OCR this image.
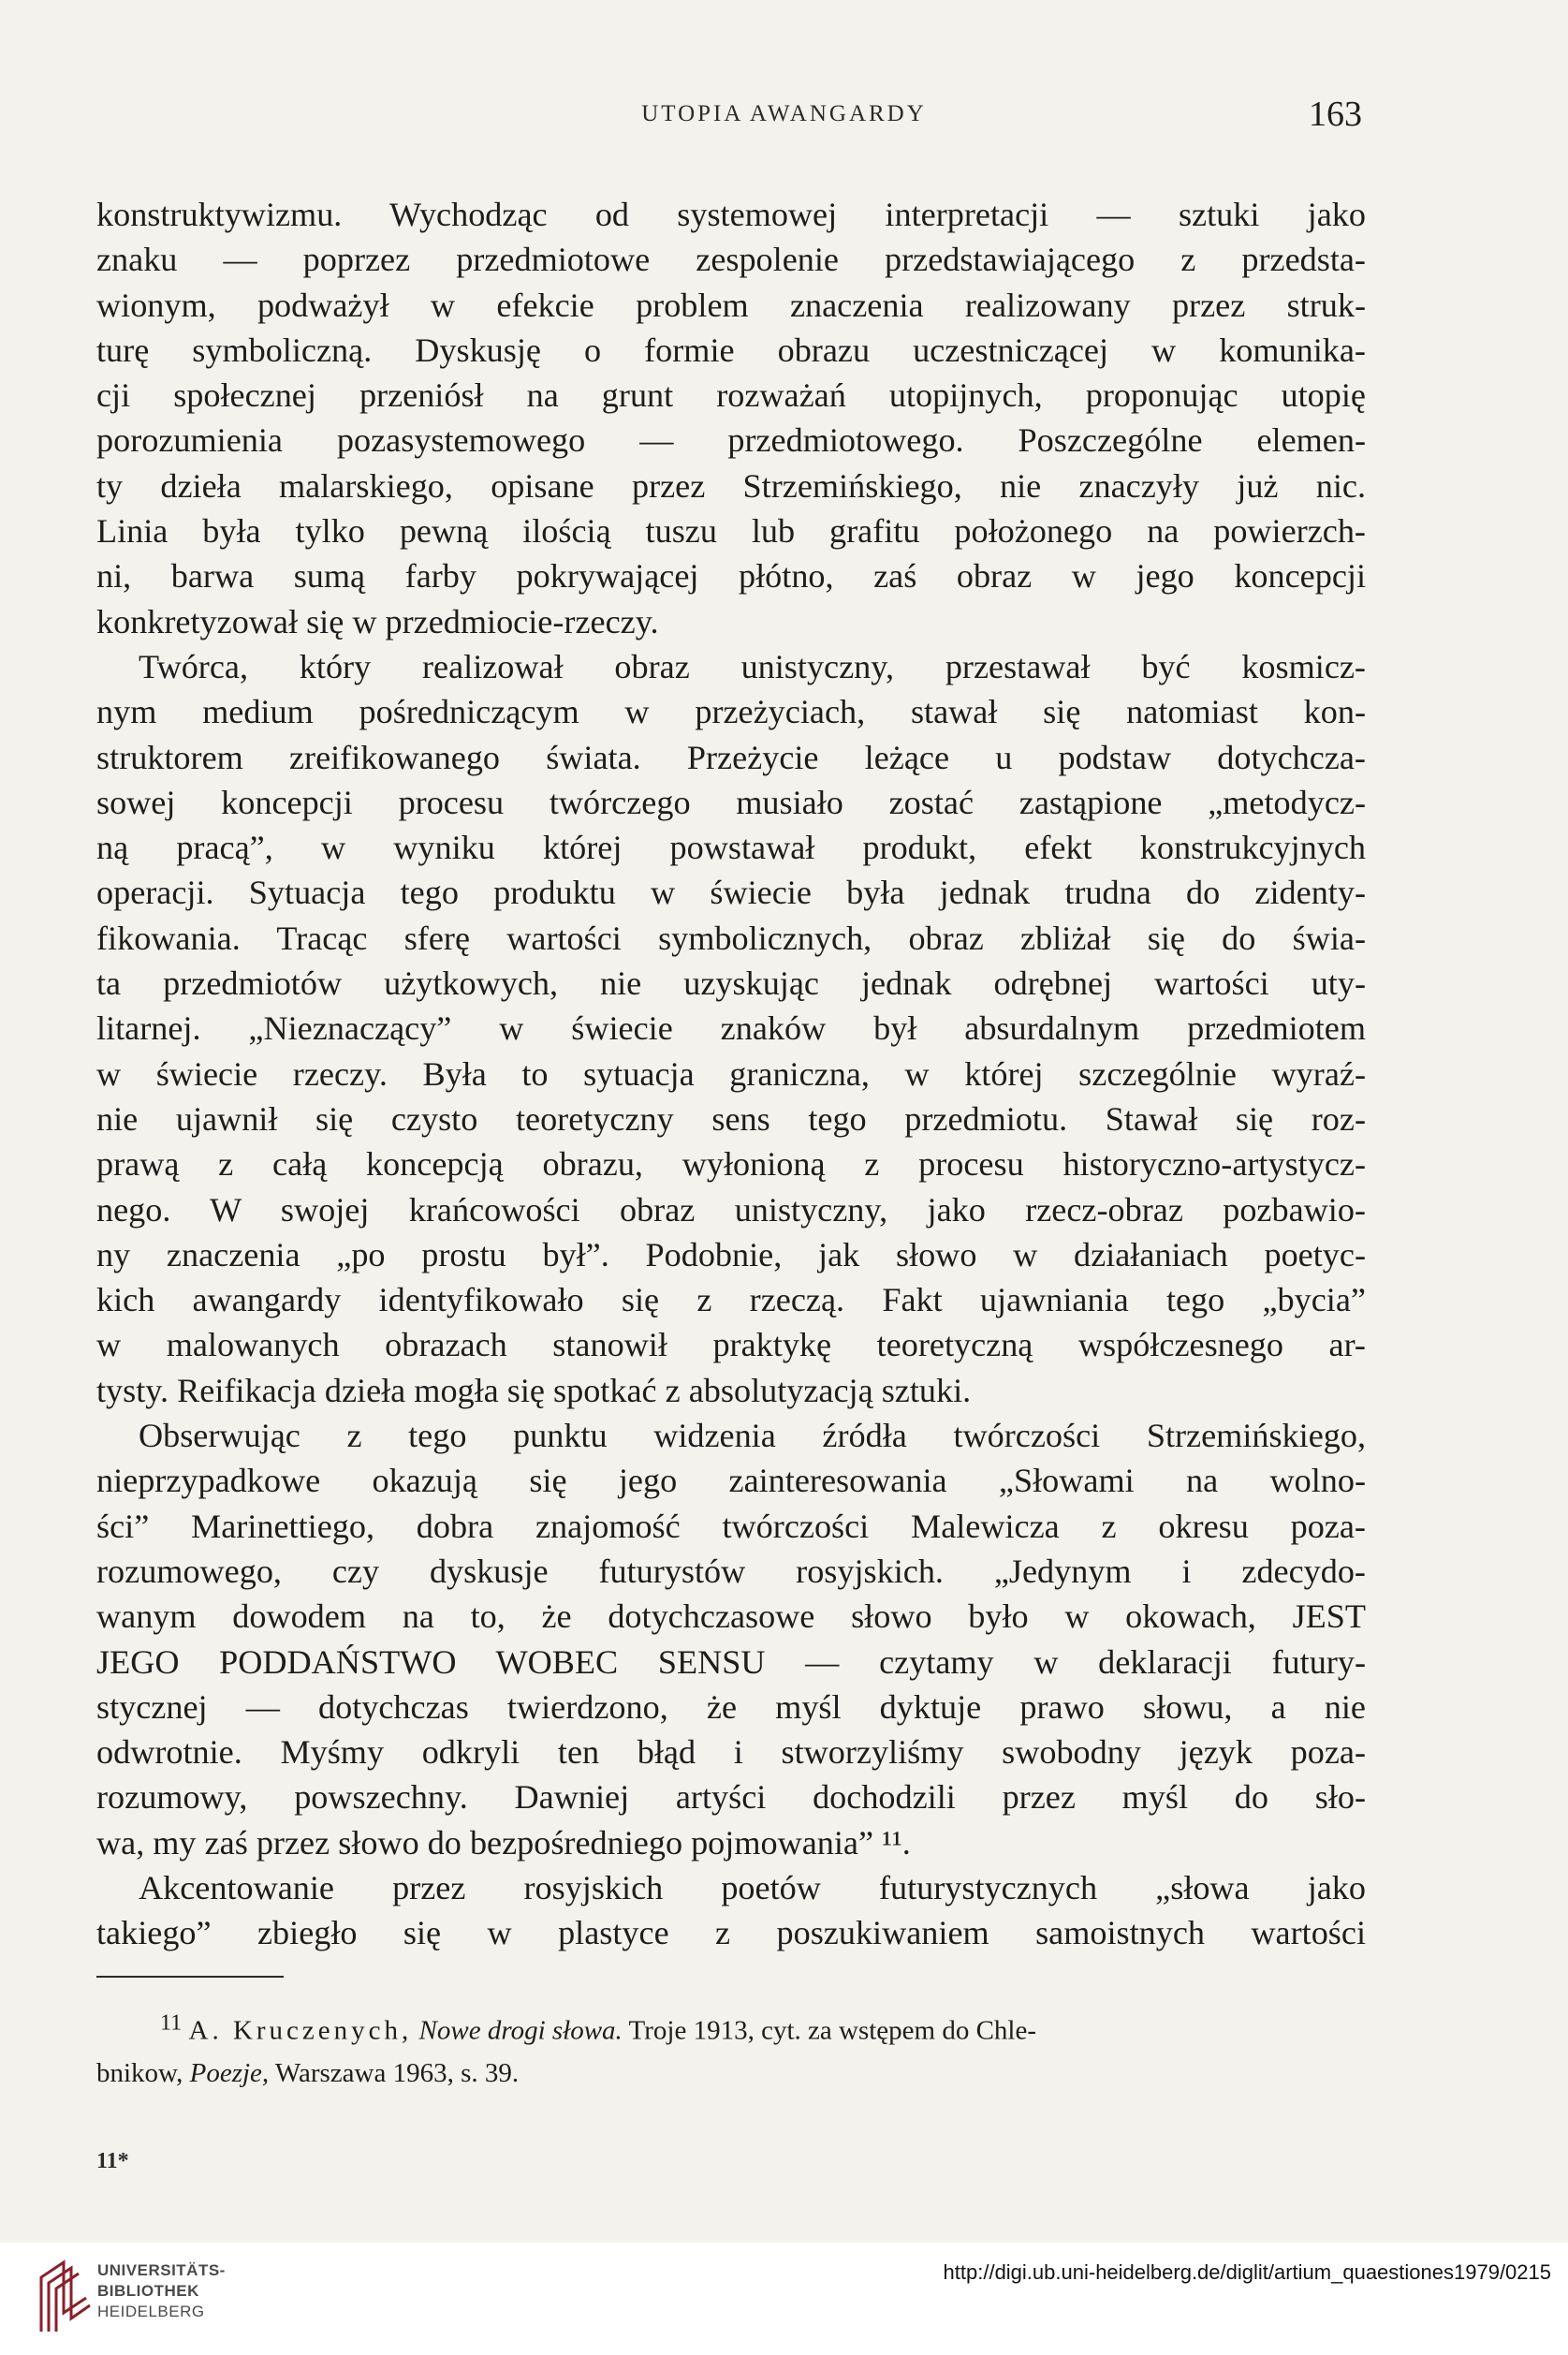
UTOPIA AWANGARDY	163
konstruktywizmu. Wychodząc od systemowej interpretacji — sztuki jako
znaku — poprzez przedmiotowe zespolenie przedstawiającego z przedsta-
wionym, podważył w efekcie problem znaczenia realizowany przez struk-
turę symboliczną. Dyskusję o formie obrazu uczestniczącej w komunika-
cji społecznej przeniósł na grunt rozważań utopijnych, proponując utopię
porozumienia pozasystemowego — przedmiotowego. Poszczególne elemen-
ty dzieła malarskiego, opisane przez Strzemińskiego, nie znaczyły już nic.
Linia była tylko pewną ilością tuszu lub grafitu położonego na powierzch-
ni, barwa sumą farby pokrywającej płótno, zaś obraz w jego koncepcji
konkretyzował się w przedmiocie-rzeczy.
Twórca, który realizował obraz unistyczny, przestawał być kosmicz-
nym medium pośredniczącym w przeżyciach, stawał się natomiast kon-
struktorem zreifikowanego świata. Przeżycie leżące u podstaw dotychcza-
sowej koncepcji procesu twórczego musiało zostać zastąpione „metodycz-
ną pracą”, w wyniku której powstawał produkt, efekt konstrukcyjnych
operacji. Sytuacja tego produktu w świecie była jednak trudna do zidenty-
fikowania. Tracąc sferę wartości symbolicznych, obraz zbliżał się do świa-
ta przedmiotów użytkowych, nie uzyskując jednak odrębnej wartości uty-
litarnej. „Nieznaczący” w świecie znaków był absurdalnym przedmiotem
w świecie rzeczy. Była to sytuacja graniczna, w której szczególnie wyraź-
nie ujawnił się czysto teoretyczny sens tego przedmiotu. Stawał się roz-
prawą z całą koncepcją obrazu, wyłonioną z procesu historyczno-artystycz-
nego. W swojej krańcowości obraz unistyczny, jako rzecz-obraz pozbawio-
ny znaczenia „po prostu był”. Podobnie, jak słowo w działaniach poetyc-
kich awangardy identyfikowało się z rzeczą. Fakt ujawniania tego „bycia”
w malowanych obrazach stanowił praktykę teoretyczną współczesnego ar-
tysty. Reifikacja dzieła mogła się spotkać z absolutyzacją sztuki.
Obserwując z tego punktu widzenia źródła twórczości Strzemińskiego,
nieprzypadkowe okazują się jego zainteresowania „Słowami na wolno-
ści” Marinettiego, dobra znajomość twórczości Malewicza z okresu poza-
rozumowego, czy dyskusje futurystów rosyjskich. „Jedynym i zdecydo-
wanym dowodem na to, że dotychczasowe słowo było w okowach, JEST
JEGO PODDAŃSTWO WOBEC SENSU — czytamy w deklaracji futury-
stycznej — dotychczas twierdzono, że myśl dyktuje prawo słowu, a nie
odwrotnie. Myśmy odkryli ten błąd i stworzyliśmy swobodny język poza-
rozumowy, powszechny. Dawniej artyści dochodzili przez myśl do sło-
wa, my zaś przez słowo do bezpośredniego pojmowania” ¹¹.
Akcentowanie przez rosyjskich poetów futurystycznych „słowa jako
takiego” zbiegło się w plastyce z poszukiwaniem samoistnych wartości
$^{11}$ A. Kruczenych, Nowe drogi słowa. Troje 1913, cyt. za wstępem do Chle-
bnikow, Poezje, Warszawa 1963, s. 39.
11*
UNIVERSITÄTS-
BIBLIOTHEK
HEIDELBERG
http://digi.ub.uni-heidelberg.de/diglit/artium_quaestiones1979/0215
